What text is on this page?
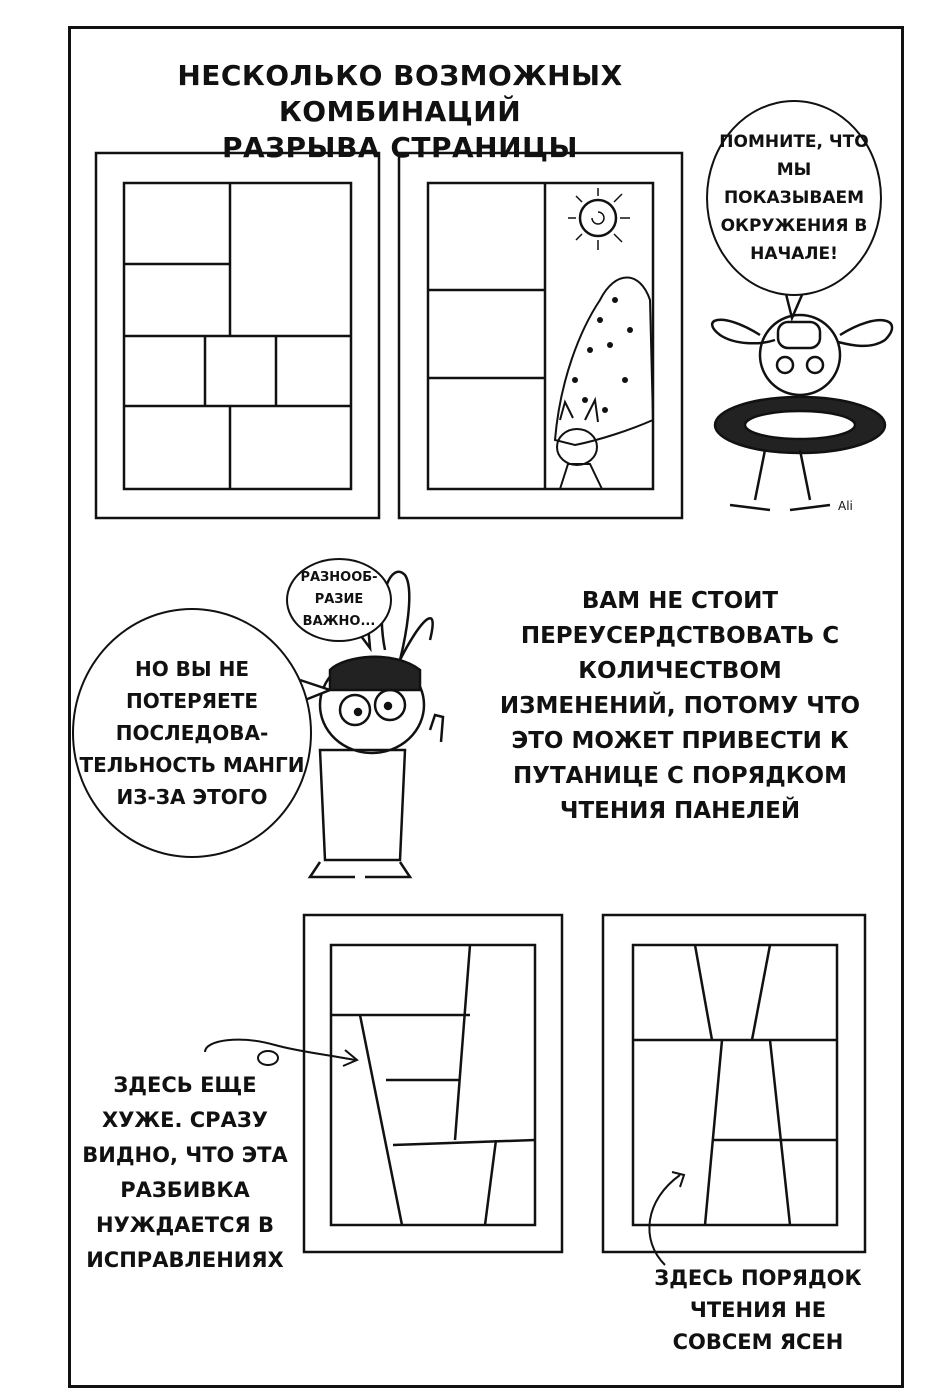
НЕСКОЛЬКО ВОЗМОЖНЫХ КОМБИНАЦИЙ
РАЗРЫВА СТРАНИЦЫ
Ali
ПОМНИТЕ, ЧТО
МЫ
ПОКАЗЫВАЕМ
ОКРУЖЕНИЯ В
НАЧАЛЕ!
РАЗНООБ-
РАЗИЕ
ВАЖНО...
НО ВЫ НЕ
ПОТЕРЯЕТЕ
ПОСЛЕДОВА-
ТЕЛЬНОСТЬ МАНГИ
ИЗ-ЗА ЭТОГО
ВАМ НЕ СТОИТ
ПЕРЕУСЕРДСТВОВАТЬ С
КОЛИЧЕСТВОМ
ИЗМЕНЕНИЙ, ПОТОМУ ЧТО
ЭТО МОЖЕТ ПРИВЕСТИ К
ПУТАНИЦЕ С ПОРЯДКОМ
ЧТЕНИЯ ПАНЕЛЕЙ
ЗДЕСЬ ЕЩЕ
ХУЖЕ. СРАЗУ
ВИДНО, ЧТО ЭТА
РАЗБИВКА
НУЖДАЕТСЯ В
ИСПРАВЛЕНИЯХ
ЗДЕСЬ ПОРЯДОК
ЧТЕНИЯ НЕ
СОВСЕМ ЯСЕН
